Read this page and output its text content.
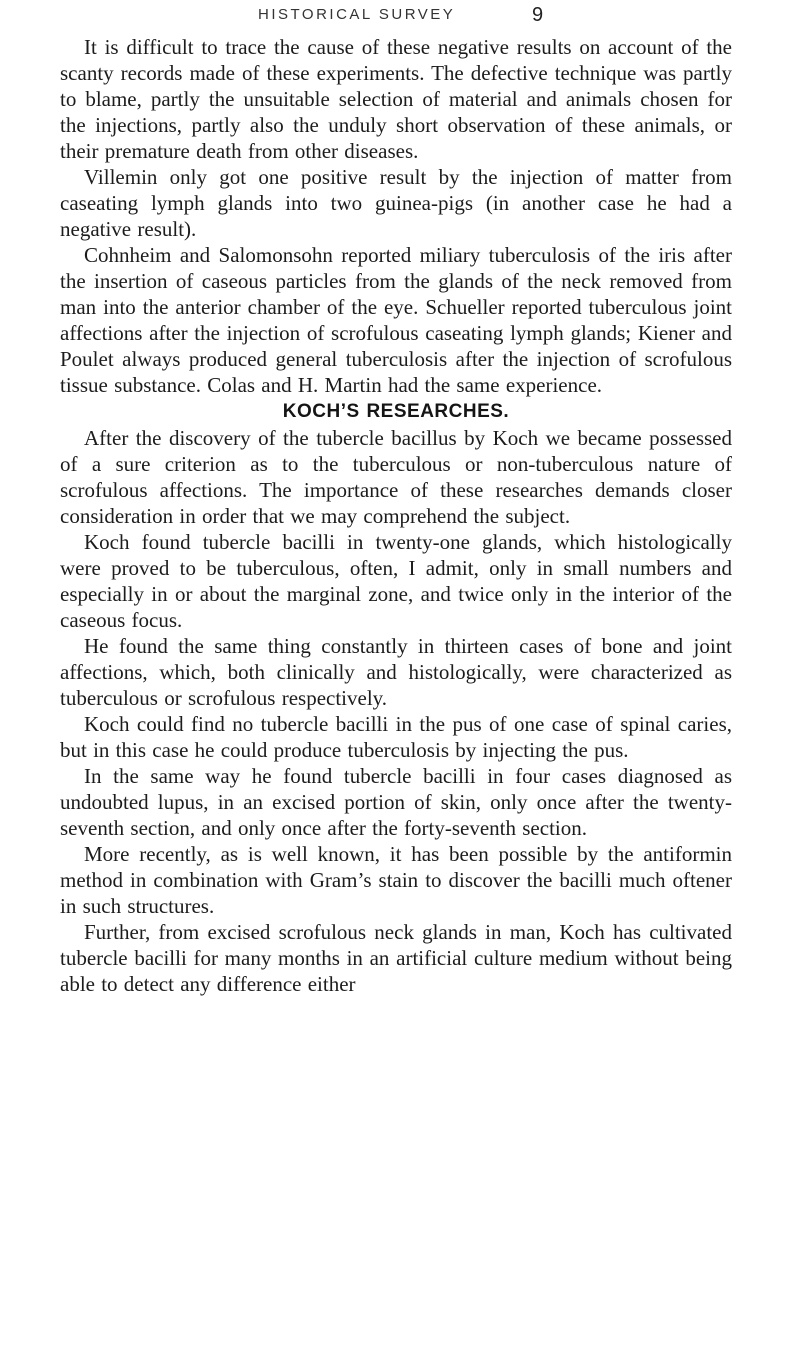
HISTORICAL SURVEY	9

It is difficult to trace the cause of these negative results on account of the scanty records made of these experiments. The defective technique was partly to blame, partly the unsuitable selection of material and animals chosen for the injections, partly also the unduly short observation of these animals, or their premature death from other diseases.

Villemin only got one positive result by the injection of matter from caseating lymph glands into two guinea-pigs (in another case he had a negative result).

Cohnheim and Salomonsohn reported miliary tuberculosis of the iris after the insertion of caseous particles from the glands of the neck removed from man into the anterior chamber of the eye. Schueller reported tuberculous joint affections after the injection of scrofulous caseating lymph glands; Kiener and Poulet always produced general tuberculosis after the injection of scrofulous tissue substance. Colas and H. Martin had the same experience.

KOCH’S RESEARCHES.

After the discovery of the tubercle bacillus by Koch we became possessed of a sure criterion as to the tuberculous or non-tuberculous nature of scrofulous affections. The importance of these researches demands closer consideration in order that we may comprehend the subject.

Koch found tubercle bacilli in twenty-one glands, which histologically were proved to be tuberculous, often, I admit, only in small numbers and especially in or about the marginal zone, and twice only in the interior of the caseous focus.

He found the same thing constantly in thirteen cases of bone and joint affections, which, both clinically and histologically, were characterized as tuberculous or scrofulous respectively.

Koch could find no tubercle bacilli in the pus of one case of spinal caries, but in this case he could produce tuberculosis by injecting the pus.

In the same way he found tubercle bacilli in four cases diagnosed as undoubted lupus, in an excised portion of skin, only once after the twenty-seventh section, and only once after the forty-seventh section.

More recently, as is well known, it has been possible by the antiformin method in combination with Gram’s stain to discover the bacilli much oftener in such structures.

Further, from excised scrofulous neck glands in man, Koch has cultivated tubercle bacilli for many months in an artificial culture medium without being able to detect any difference either
